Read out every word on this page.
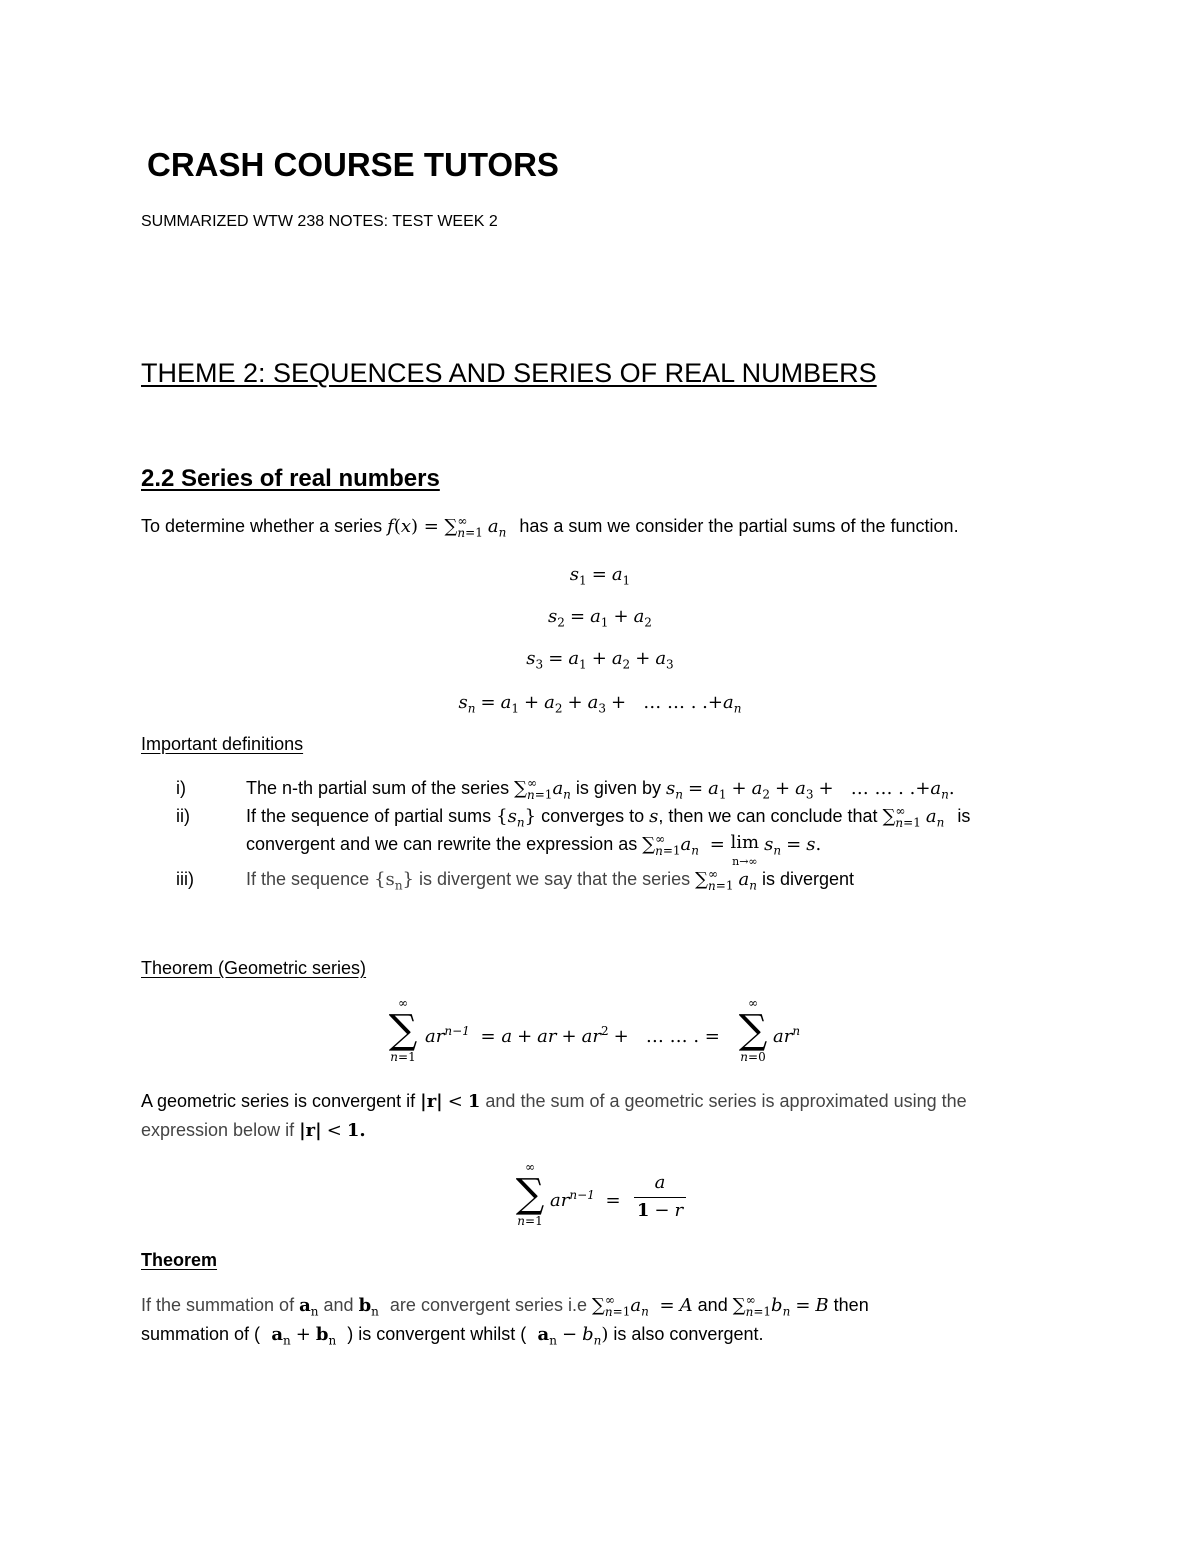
CRASH COURSE TUTORS
SUMMARIZED WTW 238 NOTES: TEST WEEK 2
THEME 2: SEQUENCES AND SERIES OF REAL NUMBERS
2.2 Series of real numbers
To determine whether a series $f(x) = \sum^\infty_{n=1}$ $a_n$ has a sum we consider the partial sums of the function.
$s_1 = a_1$
$s_2 = a_1 + a_2$
$s_3 = a_1 + a_2 + a_3$
$s_n = a_1 + a_2 + a_3$ +   … … . $.+a_n$
Important definitions
i)	The n-th partial sum of the series $\sum^\infty_{n=1}a_n$ is given by $s_n = a_1 + a_2 + a_3$ +   … … . $.+a_n$.
ii)	If the sequence of partial sums $\{s_n\}$ converges to s, then we can conclude that $\sum^\infty_{n=1}$ $a_n$ is
convergent and we can rewrite the expression as $\sum^\infty_{n=1}a_n = \lim$
n→∞ $s_n = s$.
iii)	If the sequence $\{s_n\}$ is divergent we say that the series $\sum^\infty_{n=1}$ $a_n$ is divergent
Theorem (Geometric series)
∞
∑
n=1
$ar^{n-1} = a$ + ar + $ar^2$ +   … … . =
∞
∑
n=0
$ar^n$
A geometric series is convergent if |r| < 1 and the sum of a geometric series is approximated using the
expression below if |r| < 1.
∞
∑
n=1
$ar^{n-1}$  =
a
1 − r
Theorem
If the summation of $a_n$ and $b_n$ are convergent series i.e $\sum^\infty_{n=1}a_n = A$ and $\sum^\infty_{n=1}b_n = B$ then
summation of (  $a_n + b_n$ ) is convergent whilst (  $a_n - b_n$) is also convergent.
